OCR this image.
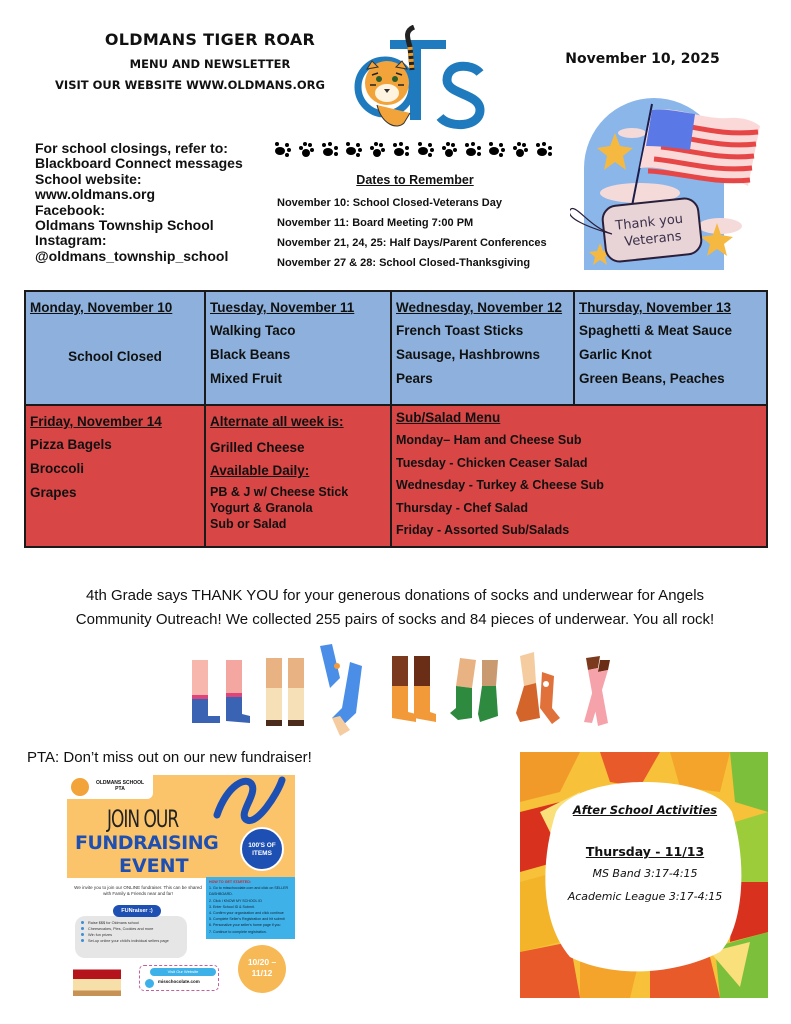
OLDMANS TIGER ROAR
MENU AND NEWSLETTER
VISIT OUR WEBSITE WWW.OLDMANS.ORG
November 10, 2025
For school closings, refer to:
Blackboard Connect messages
School website:
www.oldmans.org
Facebook:
Oldmans Township School
Instagram:
@oldmans_township_school
Dates to Remember
November 10: School Closed-Veterans Day
November 11: Board Meeting 7:00 PM
November 21, 24, 25: Half Days/Parent Conferences
November 27 & 28: School Closed-Thanksgiving
Thank you
Veterans
Monday, November 10
School Closed
Tuesday, November 11
Walking Taco
Black Beans
Mixed Fruit
Wednesday, November 12
French Toast Sticks
Sausage, Hashbrowns
Pears
Thursday, November 13
Spaghetti & Meat Sauce
Garlic Knot
Green Beans, Peaches
Friday, November 14
Pizza Bagels
Broccoli
Grapes
Alternate all week is:
Grilled Cheese
Available Daily:
PB & J w/ Cheese Stick
Yogurt & Granola
Sub or Salad
Sub/Salad Menu
Monday– Ham and Cheese Sub
Tuesday - Chicken Ceaser Salad
Wednesday - Turkey & Cheese Sub
Thursday - Chef Salad
Friday - Assorted Sub/Salads
4th Grade says THANK YOU for your generous donations of socks and underwear for Angels
Community Outreach! We collected 255 pairs of socks and 84 pieces of underwear. You all rock!
PTA: Don’t miss out on our new fundraiser!
OLDMANS SCHOOL
PTA
JOIN OUR
FUNDRAISING
EVENT
100'S OF
ITEMS
We invite you to join our ONLINE fundraiser. This can be shared with Family & Friends near and far!
HOW TO GET STARTED:
1. Go to misschocolate.com and click on SELLER DASHBOARD.
2. Click I KNOW MY SCHOOL ID
3. Enter School ID & Submit.
4. Confirm your organization and click continue
5. Complete Seller's Registration and hit submit
6. Personalize your seller's home page if you
7. Continue to complete registration.
Raise $$$ for Oldmans school
Cheesecakes, Pies, Cookies and more
Win fun prizes
Set-up online your child's individual sellers page
FUNraiser :)
Visit Our Website
misschocolate.com
10/20 –
11/12
After School Activities
Thursday - 11/13
MS Band 3:17-4:15
Academic League 3:17-4:15
